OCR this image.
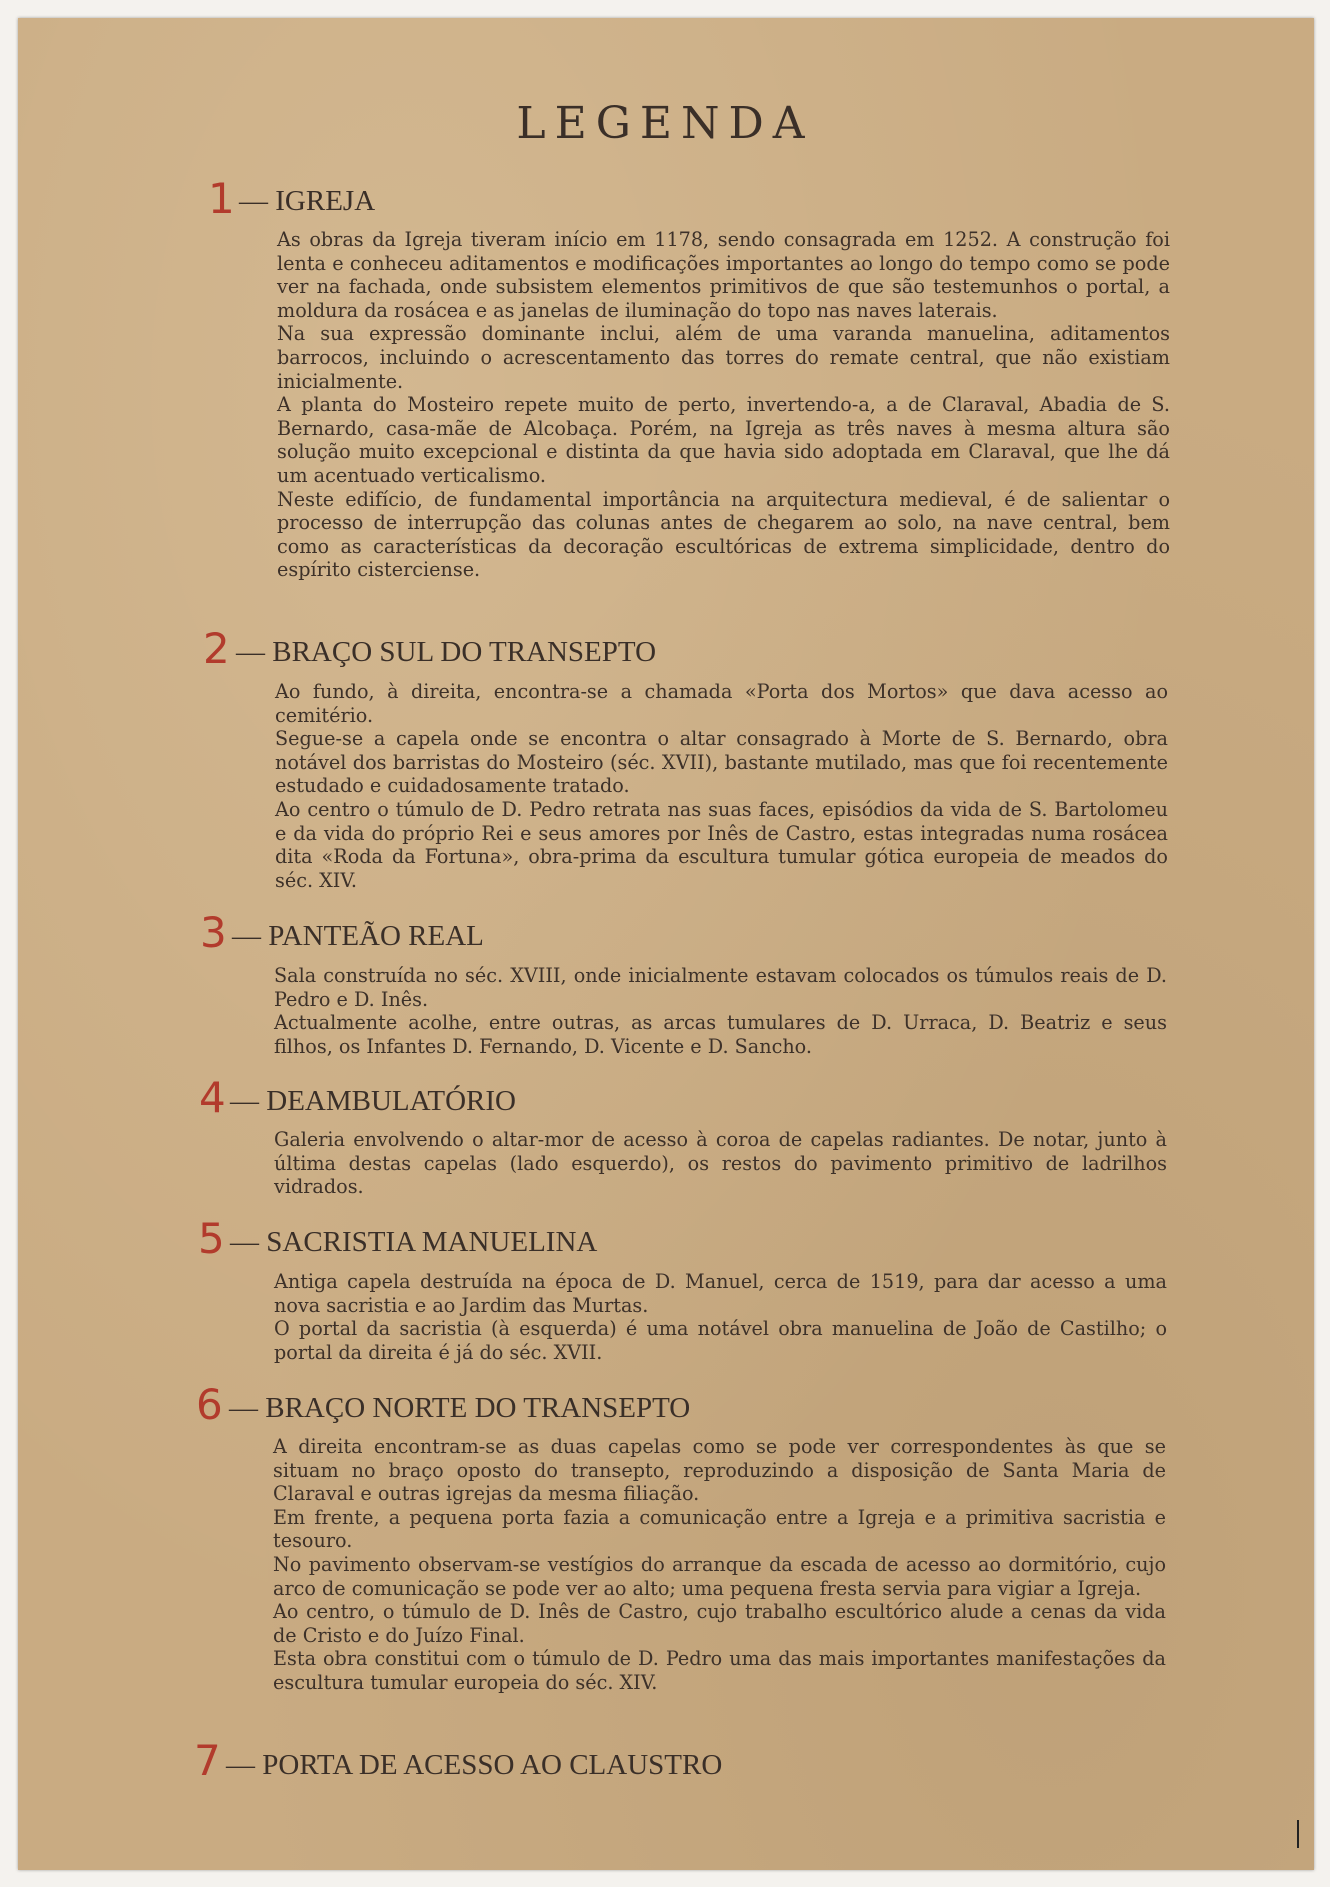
LEGENDA
1 — IGREJA

As obras da Igreja tiveram início em 1178, sendo consagrada em 1252. A construção foi lenta e conheceu aditamentos e modificações importantes ao longo do tempo como se pode ver na fachada, onde subsistem elementos primitivos de que são testemunhos o portal, a moldura da rosácea e as janelas de iluminação do topo nas naves laterais.

Na sua expressão dominante inclui, além de uma varanda manuelina, aditamentos barrocos, incluindo o acrescentamento das torres do remate central, que não existiam inicialmente.

A planta do Mosteiro repete muito de perto, invertendo-a, a de Claraval, Abadia de S. Bernardo, casa-mãe de Alcobaça. Porém, na Igreja as três naves à mesma altura são solução muito excepcional e distinta da que havia sido adoptada em Claraval, que lhe dá um acentuado verticalismo.

Neste edifício, de fundamental importância na arquitectura medieval, é de salientar o processo de interrupção das colunas antes de chegarem ao solo, na nave central, bem como as características da decoração escultóricas de extrema simplicidade, dentro do espírito cisterciense.

2 — BRAÇO SUL DO TRANSEPTO

Ao fundo, à direita, encontra-se a chamada «Porta dos Mortos» que dava acesso ao cemitério.

Segue-se a capela onde se encontra o altar consagrado à Morte de S. Bernardo, obra notável dos barristas do Mosteiro (séc. XVII), bastante mutilado, mas que foi recentemente estudado e cuidadosamente tratado.

Ao centro o túmulo de D. Pedro retrata nas suas faces, episódios da vida de S. Bartolomeu e da vida do próprio Rei e seus amores por Inês de Castro, estas integradas numa rosácea dita «Roda da Fortuna», obra-prima da escultura tumular gótica europeia de meados do séc. XIV.

3 — PANTEÃO REAL

Sala construída no séc. XVIII, onde inicialmente estavam colocados os túmulos reais de D. Pedro e D. Inês.

Actualmente acolhe, entre outras, as arcas tumulares de D. Urraca, D. Beatriz e seus filhos, os Infantes D. Fernando, D. Vicente e D. Sancho.

4 — DEAMBULATÓRIO

Galeria envolvendo o altar-mor de acesso à coroa de capelas radiantes. De notar, junto à última destas capelas (lado esquerdo), os restos do pavimento primitivo de ladrilhos vidrados.

5 — SACRISTIA MANUELINA

Antiga capela destruída na época de D. Manuel, cerca de 1519, para dar acesso a uma nova sacristia e ao Jardim das Murtas.

O portal da sacristia (à esquerda) é uma notável obra manuelina de João de Castilho; o portal da direita é já do séc. XVII.

6 — BRAÇO NORTE DO TRANSEPTO

A direita encontram-se as duas capelas como se pode ver correspondentes às que se situam no braço oposto do transepto, reproduzindo a disposição de Santa Maria de Claraval e outras igrejas da mesma filiação.

Em frente, a pequena porta fazia a comunicação entre a Igreja e a primitiva sacristia e tesouro.

No pavimento observam-se vestígios do arranque da escada de acesso ao dormitório, cujo arco de comunicação se pode ver ao alto; uma pequena fresta servia para vigiar a Igreja.

Ao centro, o túmulo de D. Inês de Castro, cujo trabalho escultórico alude a cenas da vida de Cristo e do Juízo Final.

Esta obra constitui com o túmulo de D. Pedro uma das mais importantes manifestações da escultura tumular europeia do séc. XIV.

7 — PORTA DE ACESSO AO CLAUSTRO
